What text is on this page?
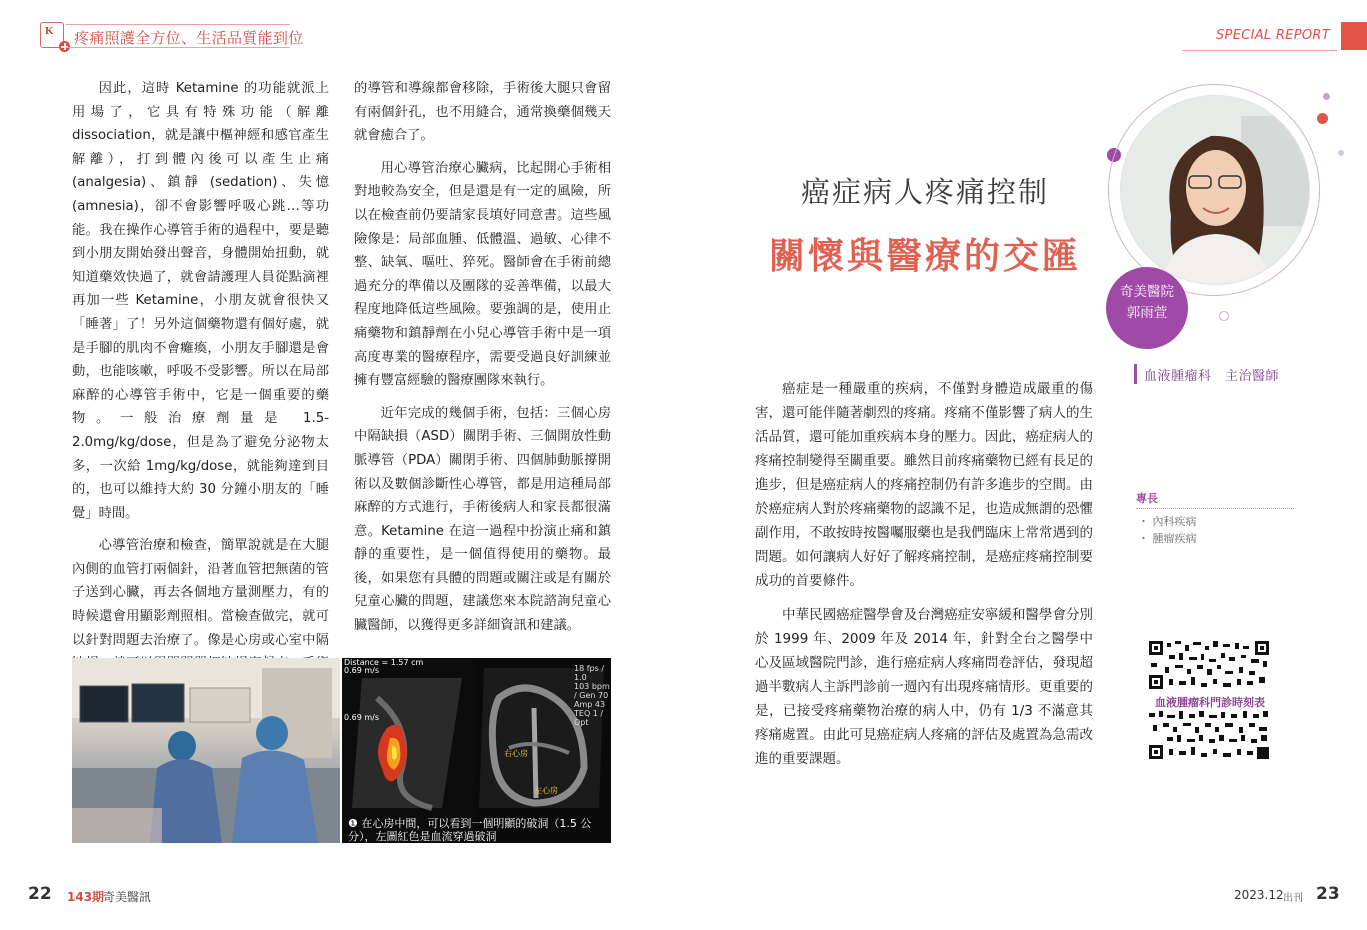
K 疼痛照護全方位、生活品質能到位	SPECIAL REPORT

因此，這時 Ketamine 的功能就派上用場了，它具有特殊功能（解離 dissociation，就是讓中樞神經和感官產生解離），打到體內後可以產生止痛 (analgesia)、鎮靜 (sedation)、失憶 (amnesia)，卻不會影響呼吸心跳…等功能。我在操作心導管手術的過程中，要是聽到小朋友開始發出聲音，身體開始扭動，就知道藥效快過了，就會請護理人員從點滴裡再加一些 Ketamine，小朋友就會很快又「睡著」了！另外這個藥物還有個好處，就是手腳的肌肉不會癱瘓，小朋友手腳還是會動，也能咳嗽，呼吸不受影響。所以在局部麻醉的心導管手術中，它是一個重要的藥物。一般治療劑量是 1.5-2.0mg/kg/dose，但是為了避免分泌物太多，一次給 1mg/kg/dose，就能夠達到目的，也可以維持大約 30 分鐘小朋友的「睡覺」時間。

心導管治療和檢查，簡單說就是在大腿內側的血管打兩個針，沿著血管把無菌的管子送到心臟，再去各個地方量測壓力，有的時候還會用顯影劑照相。當檢查做完，就可以針對問題去治療了。像是心房或心室中隔

的導管和導線都會移除，手術後大腿只會留有兩個針孔，也不用縫合，通常換藥個幾天就會癒合了。

用心導管治療心臟病，比起開心手術相對地較為安全，但是還是有一定的風險，所以在檢查前仍要請家長填好同意書。這些風險像是：局部血腫、低體溫、過敏、心律不整、缺氧、嘔吐、猝死。醫師會在手術前總過充分的準備以及團隊的妥善準備，以最大程度地降低這些風險。要強調的是，使用止痛藥物和鎮靜劑在小兒心導管手術中是一項高度專業的醫療程序，需要受過良好訓練並擁有豐富經驗的醫療團隊來執行。

近年完成的幾個手術，包括：三個心房中隔缺損（ASD）關閉手術、三個開放性動脈導管（PDA）關閉手術、四個肺動脈撐開術以及數個診斷性心導管，都是用這種局部麻醉的方式進行，手術後病人和家長都很滿意。Ketamine 在這一過程中扮演止痛和鎮靜的重要性，是一個值得使用的藥物。最後，如果您有具體的問題或關注或是有關於兒童心臟的問題，建議您來本院諮詢兒童心臟醫師，以獲得更多詳細資訊和建議。

Distance = 1.57 cm
0.69 m/s
0.69 m/s
18 fps / 1.0
103 bpm / Gen 70
Amp 43
TEQ 1 / Opt
右心房
左心房
❶ 在心房中間，可以看到一個明顯的破洞（1.5 公分），左圖紅色是血流穿過破洞
癌症病人疼痛控制
關懷與醫療的交匯
奇美醫院
郭雨萱
血液腫瘤科　主治醫師

癌症是一種嚴重的疾病，不僅對身體造成嚴重的傷害，還可能伴隨著劇烈的疼痛。疼痛不僅影響了病人的生活品質，還可能加重疾病本身的壓力。因此，癌症病人的疼痛控制變得至關重要。雖然目前疼痛藥物已經有長足的進步，但是癌症病人的疼痛控制仍有許多進步的空間。由於癌症病人對於疼痛藥物的認識不足，也造成無謂的恐懼副作用，不敢按時按醫囑服藥也是我們臨床上常常遇到的問題。如何讓病人好好了解疼痛控制，是癌症疼痛控制要成功的首要條件。

中華民國癌症醫學會及台灣癌症安寧緩和醫學會分別於 1999 年、2009 年及 2014 年，針對全台之醫學中心及區域醫院門診，進行癌症病人疼痛問卷評估，發現超過半數病人主訴門診前一週內有出現疼痛情形。更重要的是，已接受疼痛藥物治療的病人中，仍有 1/3 不滿意其疼痛處置。由此可見癌症病人疼痛的評估及處置為急需改進的重要課題。

專長
・ 內科疾病
・ 腫瘤疾病
血液腫瘤科門診時刻表
22 143期
奇美醫訊	2023.12 出刊 23
